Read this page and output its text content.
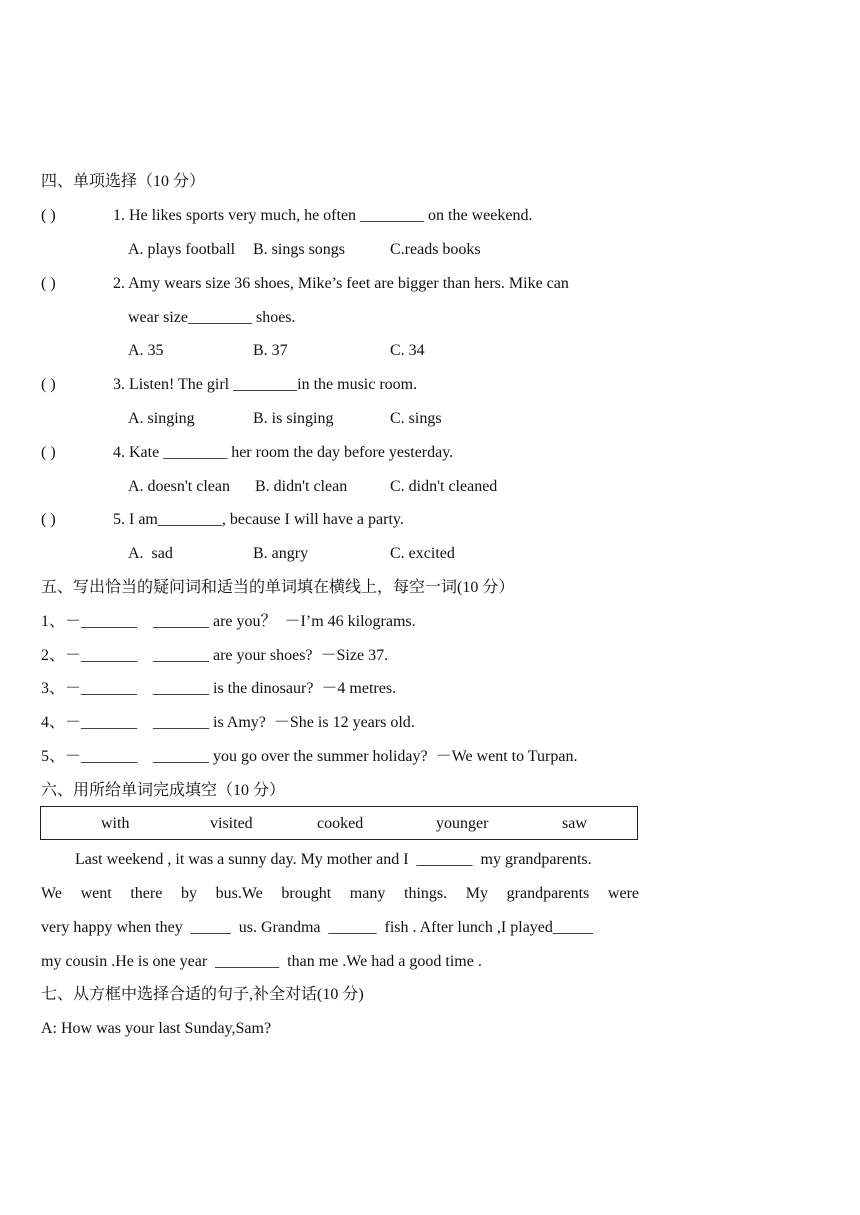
四、单项选择（10 分）
( )	1. He likes sports very much, he often ________ on the weekend.
A. plays football B. sings songs	C.reads books
( )	2. Amy wears size 36 shoes, Mike’s feet are bigger than hers. Mike can
wear size________ shoes.
A. 35	B. 37	C. 34
( )	3. Listen! The girl ________in the music room.
A. singing	B. is singing	C. sings
( )	4. Kate ________ her room the day before yesterday.
A. doesn't clean B. didn't clean	C. didn't cleaned
( )	5. I am________, because I will have a party.
A.  sad	B. angry	C. excited
五、写出恰当的疑问词和适当的单词填在横线上，每空一词(10 分）
1、－_______    _______ are you？  －I’m 46 kilograms.
2、－_______    _______ are your shoes?  －Size 37.
3、－_______    _______ is the dinosaur?  －4 metres.
4、－_______    _______ is Amy?  －She is 12 years old.
5、－_______    _______ you go over the summer holiday?  －We went to Turpan.
六、用所给单词完成填空（10 分）
with	visited	cooked	younger	saw
Last weekend , it was a sunny day. My mother and I  _______  my grandparents.
We went there by bus.We brought many things. My grandparents were
very happy when they  _____  us. Grandma  ______  fish . After lunch ,I played_____
my cousin .He is one year  ________  than me .We had a good time .
七、从方框中选择合适的句子,补全对话(10 分)
A: How was your last Sunday,Sam?
